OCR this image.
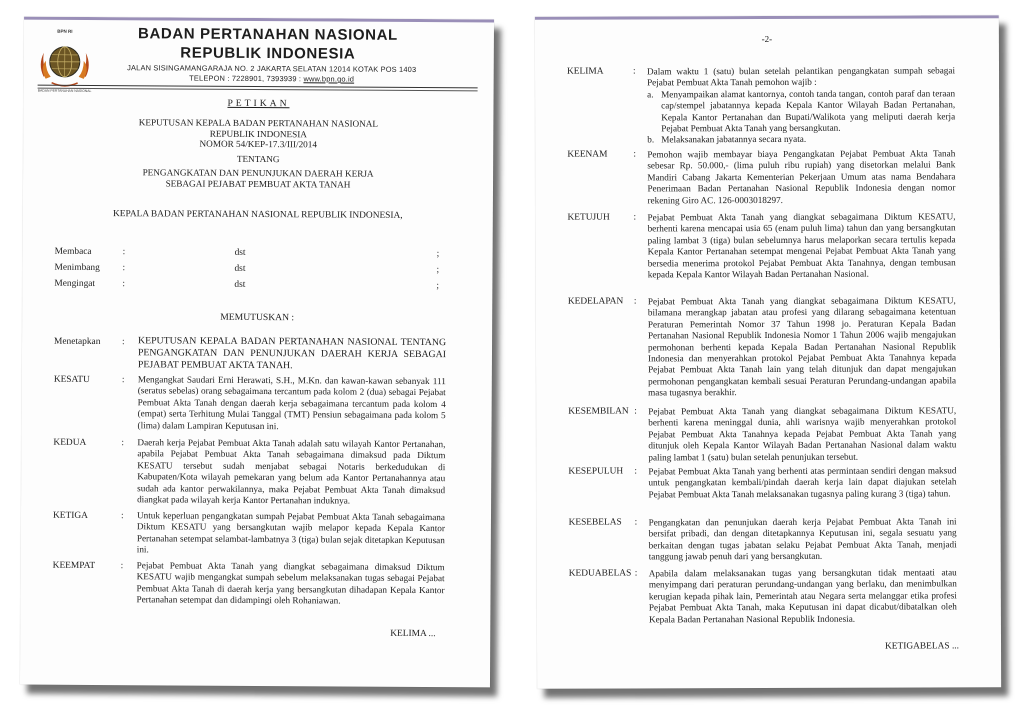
BPN RI
BADAN PERTANAHAN NASIONAL
BADAN PERTANAHAN NASIONAL
REPUBLIK INDONESIA
JALAN SISINGAMANGARAJA NO. 2 JAKARTA SELATAN 12014 KOTAK POS 1403
TELEPON : 7228901, 7393939 : www.bpn.go.id
PETIKAN
KEPUTUSAN KEPALA BADAN PERTANAHAN NASIONAL
REPUBLIK INDONESIA
NOMOR 54/KEP-17.3/III/2014
TENTANG
PENGANGKATAN DAN PENUNJUKAN DAERAH KERJA
SEBAGAI PEJABAT PEMBUAT AKTA TANAH
KEPALA BADAN PERTANAHAN NASIONAL REPUBLIK INDONESIA,
Membaca	:	dst	;
Menimbang :	dst	;
Mengingat	:	dst	;
MEMUTUSKAN :
Menetapkan : KEPUTUSAN KEPALA BADAN PERTANAHAN NASIONAL TENTANG PENGANGKATAN DAN PENUNJUKAN DAERAH KERJA SEBAGAI PEJABAT PEMBUAT AKTA TANAH.
KESATU	: Mengangkat Saudari Erni Herawati, S.H., M.Kn. dan kawan-kawan sebanyak 111 (seratus sebelas) orang sebagaimana tercantum pada kolom 2 (dua) sebagai Pejabat Pembuat Akta Tanah dengan daerah kerja sebagaimana tercantum pada kolom 4 (empat) serta Terhitung Mulai Tanggal (TMT) Pensiun sebagaimana pada kolom 5 (lima) dalam Lampiran Keputusan ini.
KEDUA	: Daerah kerja Pejabat Pembuat Akta Tanah adalah satu wilayah Kantor Pertanahan, apabila Pejabat Pembuat Akta Tanah sebagaimana dimaksud pada Diktum KESATU tersebut sudah menjabat sebagai Notaris berkedudukan di Kabupaten/Kota wilayah pemekaran yang belum ada Kantor Pertanahannya atau sudah ada kantor perwakilannya, maka Pejabat Pembuat Akta Tanah dimaksud diangkat pada wilayah kerja Kantor Pertanahan induknya.
KETIGA	: Untuk keperluan pengangkatan sumpah Pejabat Pembuat Akta Tanah sebagaimana Diktum KESATU yang bersangkutan wajib melapor kepada Kepala Kantor Pertanahan setempat selambat-lambatnya 3 (tiga) bulan sejak ditetapkan Keputusan ini.
KEEMPAT	: Pejabat Pembuat Akta Tanah yang diangkat sebagaimana dimaksud Diktum KESATU wajib mengangkat sumpah sebelum melaksanakan tugas sebagai Pejabat Pembuat Akta Tanah di daerah kerja yang bersangkutan dihadapan Kepala Kantor Pertanahan setempat dan didampingi oleh Rohaniawan.
KELIMA ...
-2-
KELIMA	: Dalam waktu 1 (satu) bulan setelah pelantikan pengangkatan sumpah sebagai Pejabat Pembuat Akta Tanah pemohon wajib :
a. Menyampaikan alamat kantornya, contoh tanda tangan, contoh paraf dan teraan cap/stempel jabatannya kepada Kepala Kantor Wilayah Badan Pertanahan, Kepala Kantor Pertanahan dan Bupati/Walikota yang meliputi daerah kerja Pejabat Pembuat Akta Tanah yang bersangkutan.
b. Melaksanakan jabatannya secara nyata.
KEENAM	: Pemohon wajib membayar biaya Pengangkatan Pejabat Pembuat Akta Tanah sebesar Rp. 50.000,- (lima puluh ribu rupiah) yang disetorkan melalui Bank Mandiri Cabang Jakarta Kementerian Pekerjaan Umum atas nama Bendahara Penerimaan Badan Pertanahan Nasional Republik Indonesia dengan nomor rekening Giro AC. 126-0003018297.
KETUJUH	: Pejabat Pembuat Akta Tanah yang diangkat sebagaimana Diktum KESATU, berhenti karena mencapai usia 65 (enam puluh lima) tahun dan yang bersangkutan paling lambat 3 (tiga) bulan sebelumnya harus melaporkan secara tertulis kepada Kepala Kantor Pertanahan setempat mengenai Pejabat Pembuat Akta Tanah yang bersedia menerima protokol Pejabat Pembuat Akta Tanahnya, dengan tembusan kepada Kepala Kantor Wilayah Badan Pertanahan Nasional.
KEDELAPAN : Pejabat Pembuat Akta Tanah yang diangkat sebagaimana Diktum KESATU, bilamana merangkap jabatan atau profesi yang dilarang sebagaimana ketentuan Peraturan Pemerintah Nomor 37 Tahun 1998 jo. Peraturan Kepala Badan Pertanahan Nasional Republik Indonesia Nomor 1 Tahun 2006 wajib mengajukan permohonan berhenti kepada Kepala Badan Pertanahan Nasional Republik Indonesia dan menyerahkan protokol Pejabat Pembuat Akta Tanahnya kepada Pejabat Pembuat Akta Tanah lain yang telah ditunjuk dan dapat mengajukan permohonan pengangkatan kembali sesuai Peraturan Perundang-undangan apabila masa tugasnya berakhir.
KESEMBILAN : Pejabat Pembuat Akta Tanah yang diangkat sebagaimana Diktum KESATU, berhenti karena meninggal dunia, ahli warisnya wajib menyerahkan protokol Pejabat Pembuat Akta Tanahnya kepada Pejabat Pembuat Akta Tanah yang ditunjuk oleh Kepala Kantor Wilayah Badan Pertanahan Nasional dalam waktu paling lambat 1 (satu) bulan setelah penunjukan tersebut.
KESEPULUH : Pejabat Pembuat Akta Tanah yang berhenti atas permintaan sendiri dengan maksud untuk pengangkatan kembali/pindah daerah kerja lain dapat diajukan setelah Pejabat Pembuat Akta Tanah melaksanakan tugasnya paling kurang 3 (tiga) tahun.
KESEBELAS : Pengangkatan dan penunjukan daerah kerja Pejabat Pembuat Akta Tanah ini bersifat pribadi, dan dengan ditetapkannya Keputusan ini, segala sesuatu yang berkaitan dengan tugas jabatan selaku Pejabat Pembuat Akta Tanah, menjadi tanggung jawab penuh dari yang bersangkutan.
KEDUABELAS : Apabila dalam melaksanakan tugas yang bersangkutan tidak mentaati atau menyimpang dari peraturan perundang-undangan yang berlaku, dan menimbulkan kerugian kepada pihak lain, Pemerintah atau Negara serta melanggar etika profesi Pejabat Pembuat Akta Tanah, maka Keputusan ini dapat dicabut/dibatalkan oleh Kepala Badan Pertanahan Nasional Republik Indonesia.
KETIGABELAS ...
